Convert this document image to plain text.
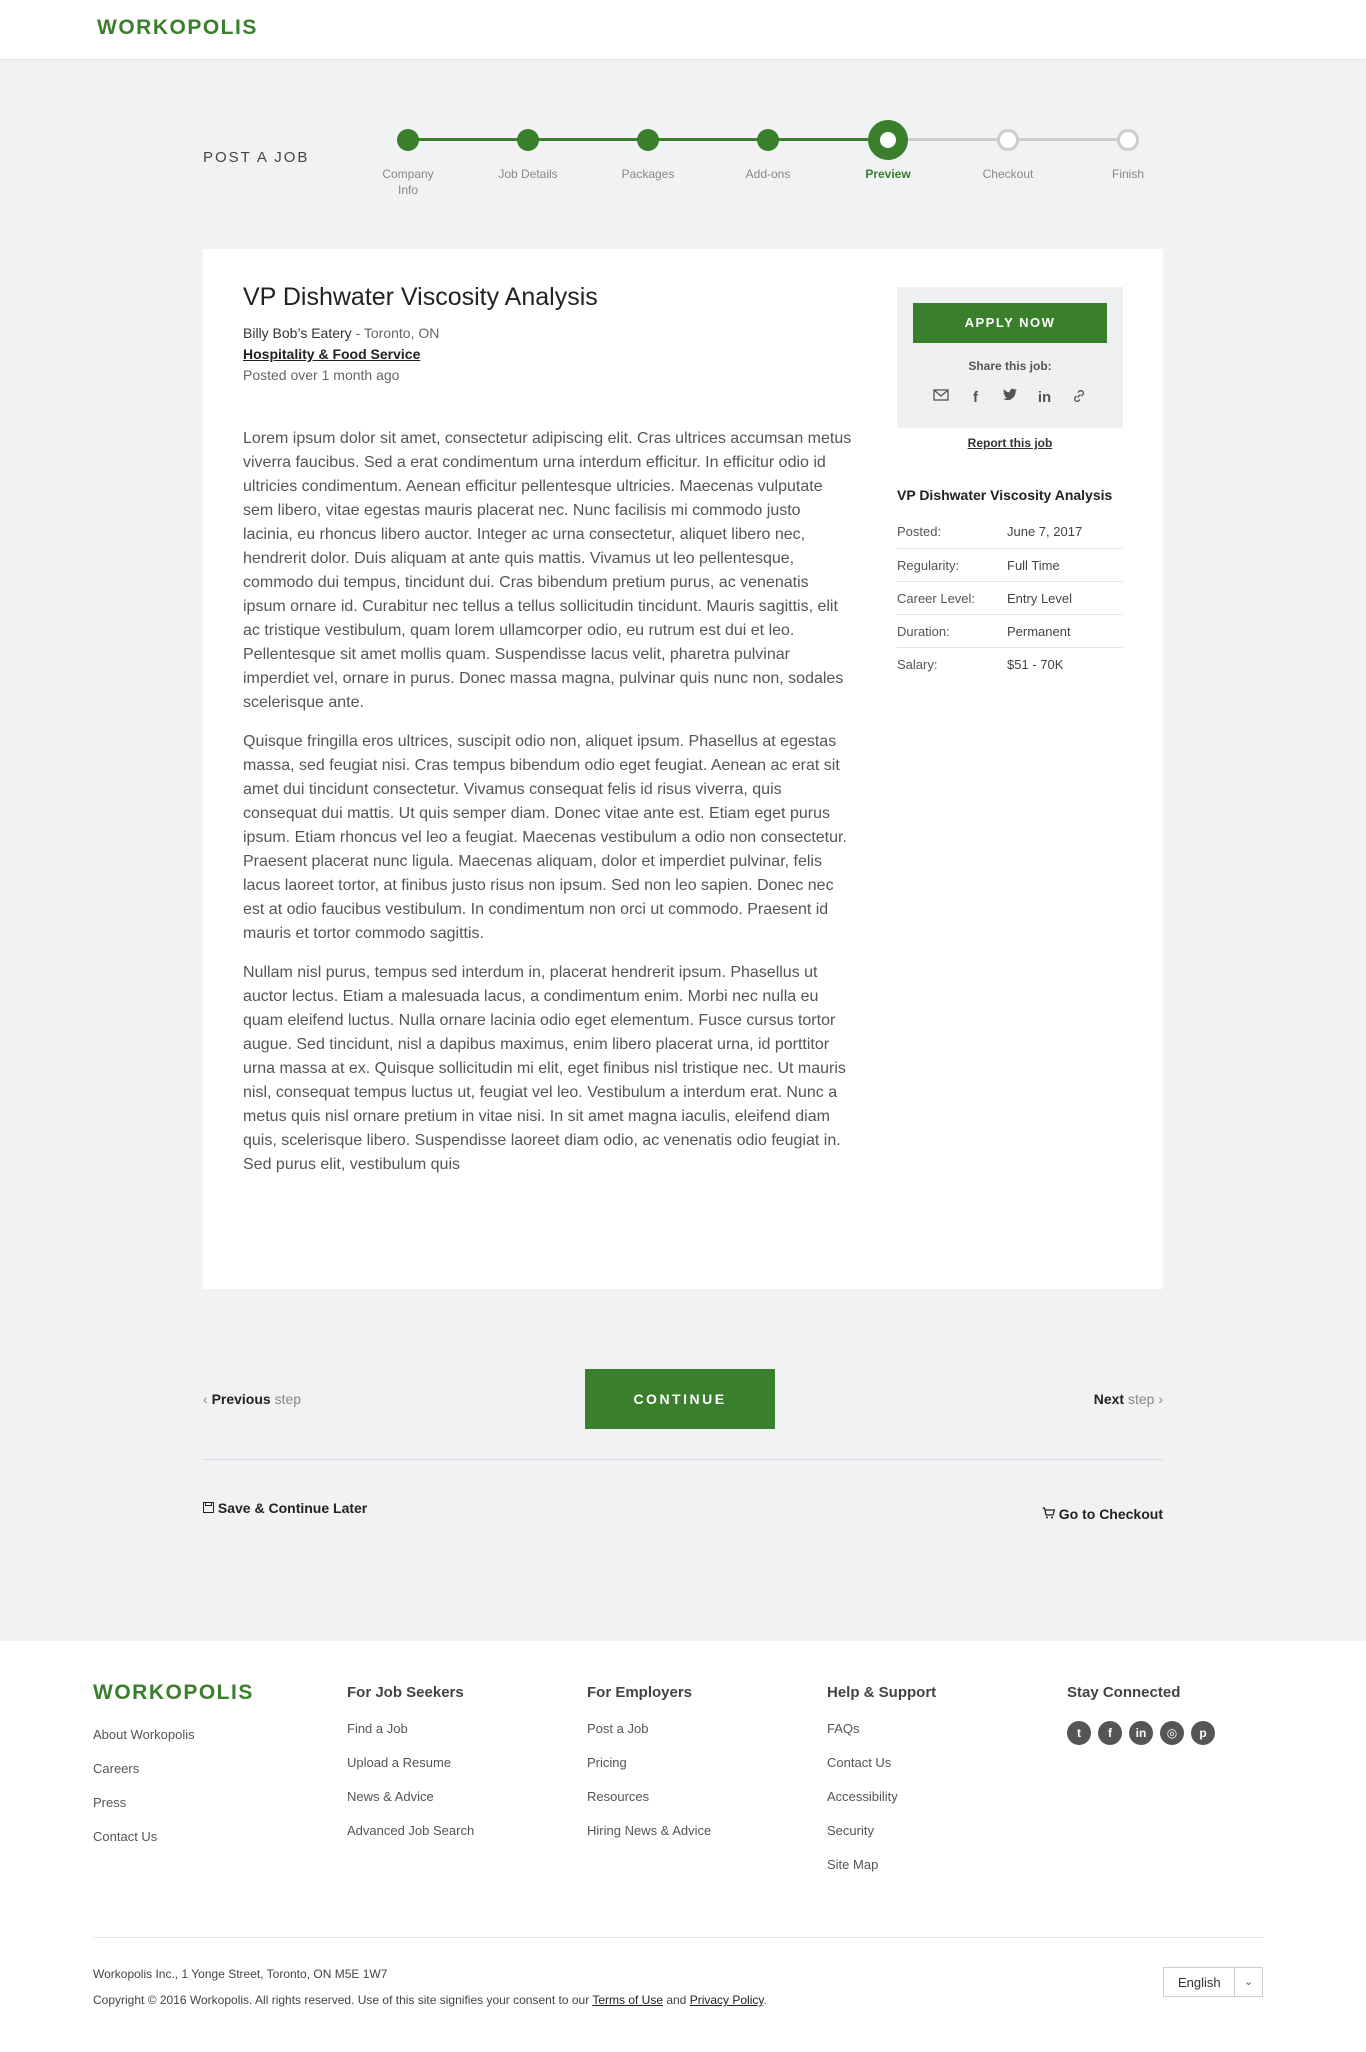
WORKOPOLIS
POST A JOB
Company Info
Job Details	Packages	Add-ons	Preview	Checkout	Finish
VP Dishwater Viscosity Analysis
Billy Bob’s Eatery - Toronto, ON
Hospitality & Food Service
Posted over 1 month ago

Lorem ipsum dolor sit amet, consectetur adipiscing elit. Cras ultrices accumsan metus viverra faucibus. Sed a erat condimentum urna interdum efficitur. In efficitur odio id ultricies condimentum. Aenean efficitur pellentesque ultricies. Maecenas vulputate sem libero, vitae egestas mauris placerat nec. Nunc facilisis mi commodo justo lacinia, eu rhoncus libero auctor. Integer ac urna consectetur, aliquet libero nec, hendrerit dolor. Duis aliquam at ante quis mattis. Vivamus ut leo pellentesque, commodo dui tempus, tincidunt dui. Cras bibendum pretium purus, ac venenatis ipsum ornare id. Curabitur nec tellus a tellus sollicitudin tincidunt. Mauris sagittis, elit ac tristique vestibulum, quam lorem ullamcorper odio, eu rutrum est dui et leo. Pellentesque sit amet mollis quam. Suspendisse lacus velit, pharetra pulvinar imperdiet vel, ornare in purus. Donec massa magna, pulvinar quis nunc non, sodales scelerisque ante.

Quisque fringilla eros ultrices, suscipit odio non, aliquet ipsum. Phasellus at egestas massa, sed feugiat nisi. Cras tempus bibendum odio eget feugiat. Aenean ac erat sit amet dui tincidunt consectetur. Vivamus consequat felis id risus viverra, quis consequat dui mattis. Ut quis semper diam. Donec vitae ante est. Etiam eget purus ipsum. Etiam rhoncus vel leo a feugiat. Maecenas vestibulum a odio non consectetur. Praesent placerat nunc ligula. Maecenas aliquam, dolor et imperdiet pulvinar, felis lacus laoreet tortor, at finibus justo risus non ipsum. Sed non leo sapien. Donec nec est at odio faucibus vestibulum. In condimentum non orci ut commodo. Praesent id mauris et tortor commodo sagittis.

Nullam nisl purus, tempus sed interdum in, placerat hendrerit ipsum. Phasellus ut auctor lectus. Etiam a malesuada lacus, a condimentum enim. Morbi nec nulla eu quam eleifend luctus. Nulla ornare lacinia odio eget elementum. Fusce cursus tortor augue. Sed tincidunt, nisl a dapibus maximus, enim libero placerat urna, id porttitor urna massa at ex. Quisque sollicitudin mi elit, eget finibus nisl tristique nec. Ut mauris nisl, consequat tempus luctus ut, feugiat vel leo. Vestibulum a interdum erat. Nunc a metus quis nisl ornare pretium in vitae nisi. In sit amet magna iaculis, eleifend diam quis, scelerisque libero. Suspendisse laoreet diam odio, ac venenatis odio feugiat in. Sed purus elit, vestibulum quis

APPLY NOW
Share this job:
f	in
Report this job
VP Dishwater Viscosity Analysis
Posted:	June 7, 2017
Regularity:	Full Time
Career Level:	Entry Level
Duration:	Permanent
Salary:	$51 - 70K
‹ Previous step	CONTINUE	Next step ›
Save & Continue Later	Go to Checkout
WORKOPOLIS
About Workopolis
Careers
Press
Contact Us
For Job Seekers
Find a Job
Upload a Resume
News & Advice
Advanced Job Search
For Employers
Post a Job
Pricing
Resources
Hiring News & Advice
Help & Support
FAQs
Contact Us
Accessibility
Security
Site Map
Stay Connected
t	f	in	◎	p
Workopolis Inc., 1 Yonge Street, Toronto, ON M5E 1W7
Copyright © 2016 Workopolis. All rights reserved. Use of this site signifies your consent to our Terms of Use and Privacy Policy.
English	⌄
